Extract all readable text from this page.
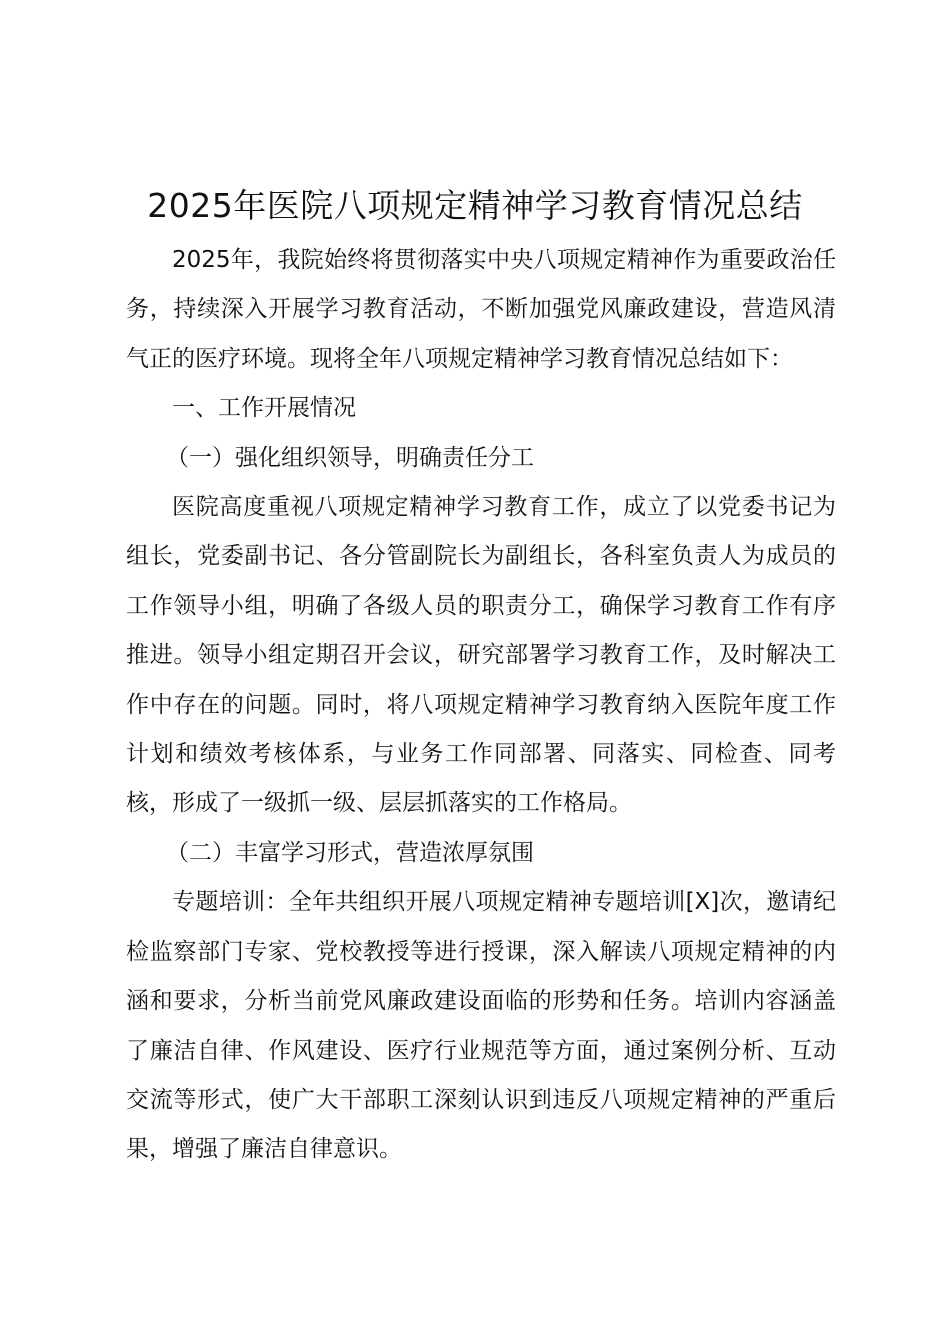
2025年医院八项规定精神学习教育情况总结

2025年，我院始终将贯彻落实中央八项规定精神作为重要政治任务，持续深入开展学习教育活动，不断加强党风廉政建设，营造风清气正的医疗环境。现将全年八项规定精神学习教育情况总结如下：

一、工作开展情况

（一）强化组织领导，明确责任分工

医院高度重视八项规定精神学习教育工作，成立了以党委书记为组长，党委副书记、各分管副院长为副组长，各科室负责人为成员的工作领导小组，明确了各级人员的职责分工，确保学习教育工作有序推进。领导小组定期召开会议，研究部署学习教育工作，及时解决工作中存在的问题。同时，将八项规定精神学习教育纳入医院年度工作计划和绩效考核体系，与业务工作同部署、同落实、同检查、同考核，形成了一级抓一级、层层抓落实的工作格局。

（二）丰富学习形式，营造浓厚氛围

专题培训：全年共组织开展八项规定精神专题培训[X]次，邀请纪检监察部门专家、党校教授等进行授课，深入解读八项规定精神的内涵和要求，分析当前党风廉政建设面临的形势和任务。培训内容涵盖了廉洁自律、作风建设、医疗行业规范等方面，通过案例分析、互动交流等形式，使广大干部职工深刻认识到违反八项规定精神的严重后果，增强了廉洁自律意识。
